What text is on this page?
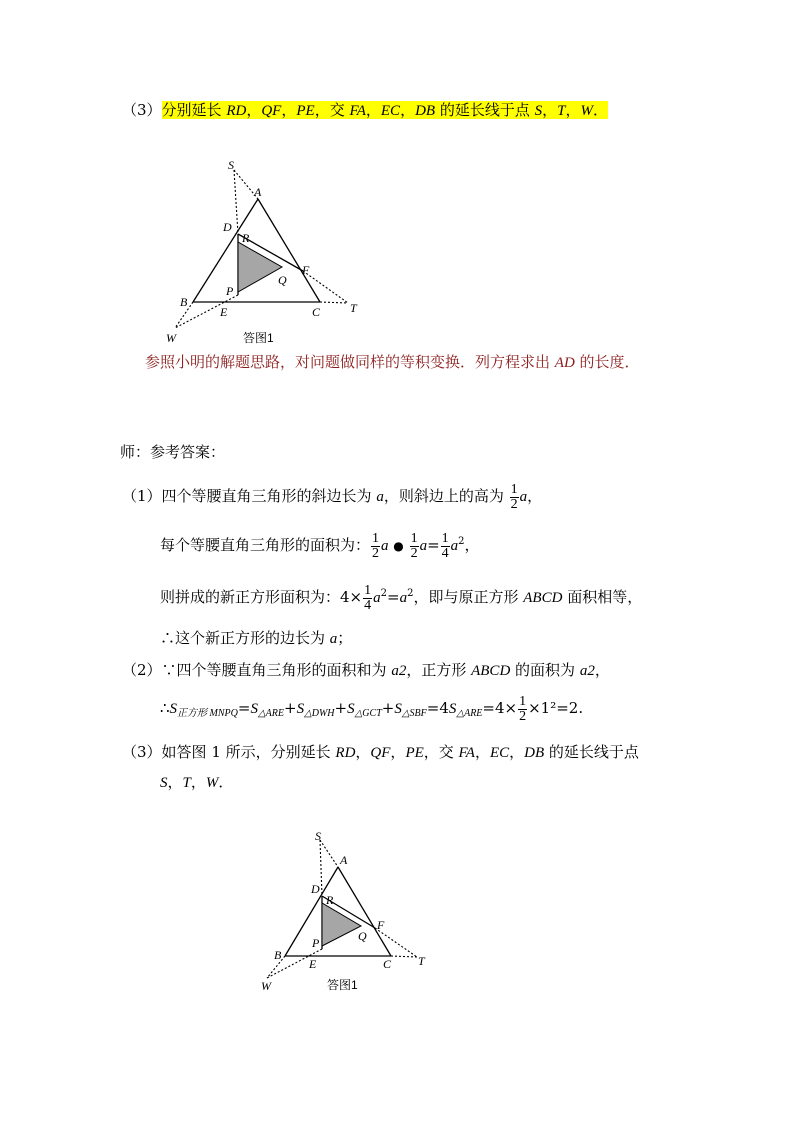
（3）分别延长 RD，QF，PE，交 FA，EC，DB 的延长线于点 S，T，W．
S
A
D
R
F
Q
B
P
E	C T
W	答图1
参照小明的解题思路，对问题做同样的等积变换．列方程求出 AD 的长度．
师：参考答案：
（1）四个等腰直角三角形的斜边长为 a，则斜边上的高为 $\frac{1}{2}$ a，
每个等腰直角三角形的面积为： $\frac{1}{2}$ a ● $\frac{1}{2} a= \frac{1}{4} a^2$，
则拼成的新正方形面积为：$4\times \frac{1}{4} a^2=a^2$，即与原正方形 ABCD 面积相等，
∴这个新正方形的边长为 a；
（2）∵四个等腰直角三角形的面积和为 a2，正方形 ABCD 的面积为 a2，
$\therefore S_{正方形 MNPQ}=S_{\triangle ARE}+S_{\triangle DWH}+S_{\triangle GCT}+S_{\triangle SBF}=4S_{\triangle ARE}=4\times \frac{1}{2} \times 1^2=2$.
（3）如答图 1 所示，分别延长 RD，QF，PE，交 FA，EC，DB 的延长线于点
S，T，W．
S
A
D
R
F
Q
B
P
E	C T
W	答图1
